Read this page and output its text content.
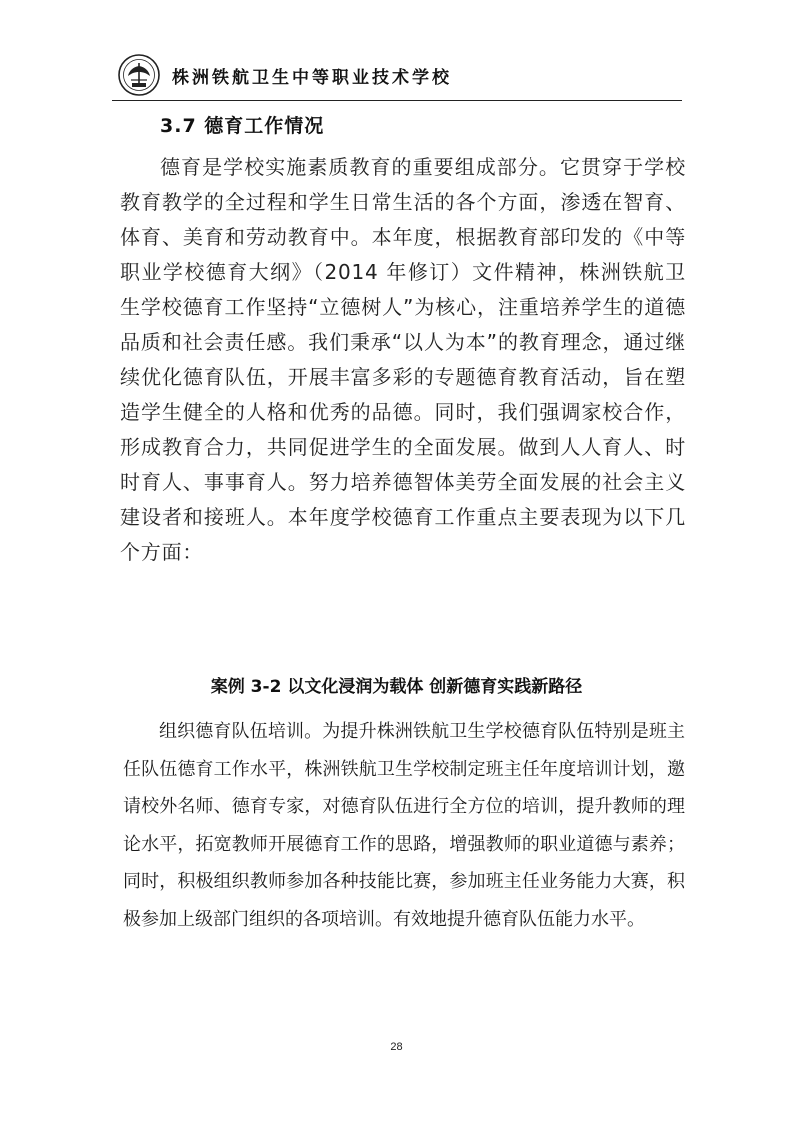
株洲铁航卫生中等职业技术学校
3.7 德育工作情况

德育是学校实施素质教育的重要组成部分。它贯穿于学校教育教学的全过程和学生日常生活的各个方面，渗透在智育、体育、美育和劳动教育中。本年度，根据教育部印发的《中等职业学校德育大纲》（2014 年修订）文件精神，株洲铁航卫生学校德育工作坚持“立德树人”为核心，注重培养学生的道德品质和社会责任感。我们秉承“以人为本”的教育理念，通过继续优化德育队伍，开展丰富多彩的专题德育教育活动，旨在塑造学生健全的人格和优秀的品德。同时，我们强调家校合作，形成教育合力，共同促进学生的全面发展。做到人人育人、时时育人、事事育人。努力培养德智体美劳全面发展的社会主义建设者和接班人。本年度学校德育工作重点主要表现为以下几个方面：

案例 3-2 以文化浸润为载体 创新德育实践新路径

组织德育队伍培训。为提升株洲铁航卫生学校德育队伍特别是班主任队伍德育工作水平，株洲铁航卫生学校制定班主任年度培训计划，邀请校外名师、德育专家，对德育队伍进行全方位的培训，提升教师的理论水平，拓宽教师开展德育工作的思路，增强教师的职业道德与素养；同时，积极组织教师参加各种技能比赛，参加班主任业务能力大赛，积极参加上级部门组织的各项培训。有效地提升德育队伍能力水平。

28
